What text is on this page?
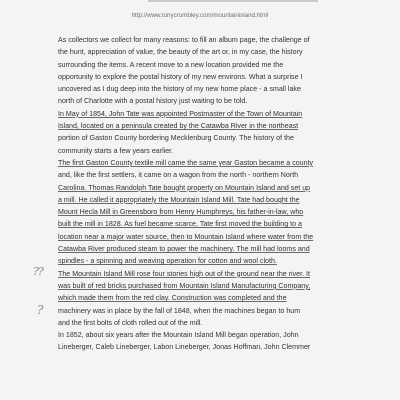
http://www.tonycrumbley.com/mountainisland.html
As collectors we collect for many reasons: to fill an album page, the challenge of
the hunt, appreciation of value, the beauty of the art or, in my case, the history
surrounding the items. A recent move to a new location provided me the
opportunity to explore the postal history of my new environs. What a surprise I
uncovered as I dug deep into the history of my new home place - a small lake
north of Charlotte with a postal history just waiting to be told.
In May of 1854, John Tate was appointed Postmaster of the Town of Mountain
Island, located on a peninsula created by the Catawba River in the northeast
portion of Gaston County bordering Mecklenburg County. The history of the
community starts a few years earlier.
The first Gaston County textile mill came the same year Gaston became a county
and, like the first settlers, it came on a wagon from the north - northern North
Carolina. Thomas Randolph Tate bought property on Mountain Island and set up
a mill. He called it appropriately the Mountain Island Mill. Tate had bought the
Mount Hecla Mill in Greensboro from Henry Humphreys, his father-in-law, who
built the mill in 1828. As fuel became scarce, Tate first moved the building to a
location near a major water source, then to Mountain Island where water from the
Catawba River produced steam to power the machinery. The mill had looms and
spindles - a spinning and weaving operation for cotton and wool cloth.
The Mountain Island Mill rose four stories high out of the ground near the river. It
was built of red bricks purchased from Mountain Island Manufacturing Company,
which made them from the red clay. Construction was completed and the
machinery was in place by the fall of 1848, when the machines began to hum
and the first bolts of cloth rolled out of the mill.
In 1852, about six years after the Mountain Island Mill began operation, John
Lineberger, Caleb Lineberger, Labon Lineberger, Jonas Hoffman, John Clemmer
??
?
